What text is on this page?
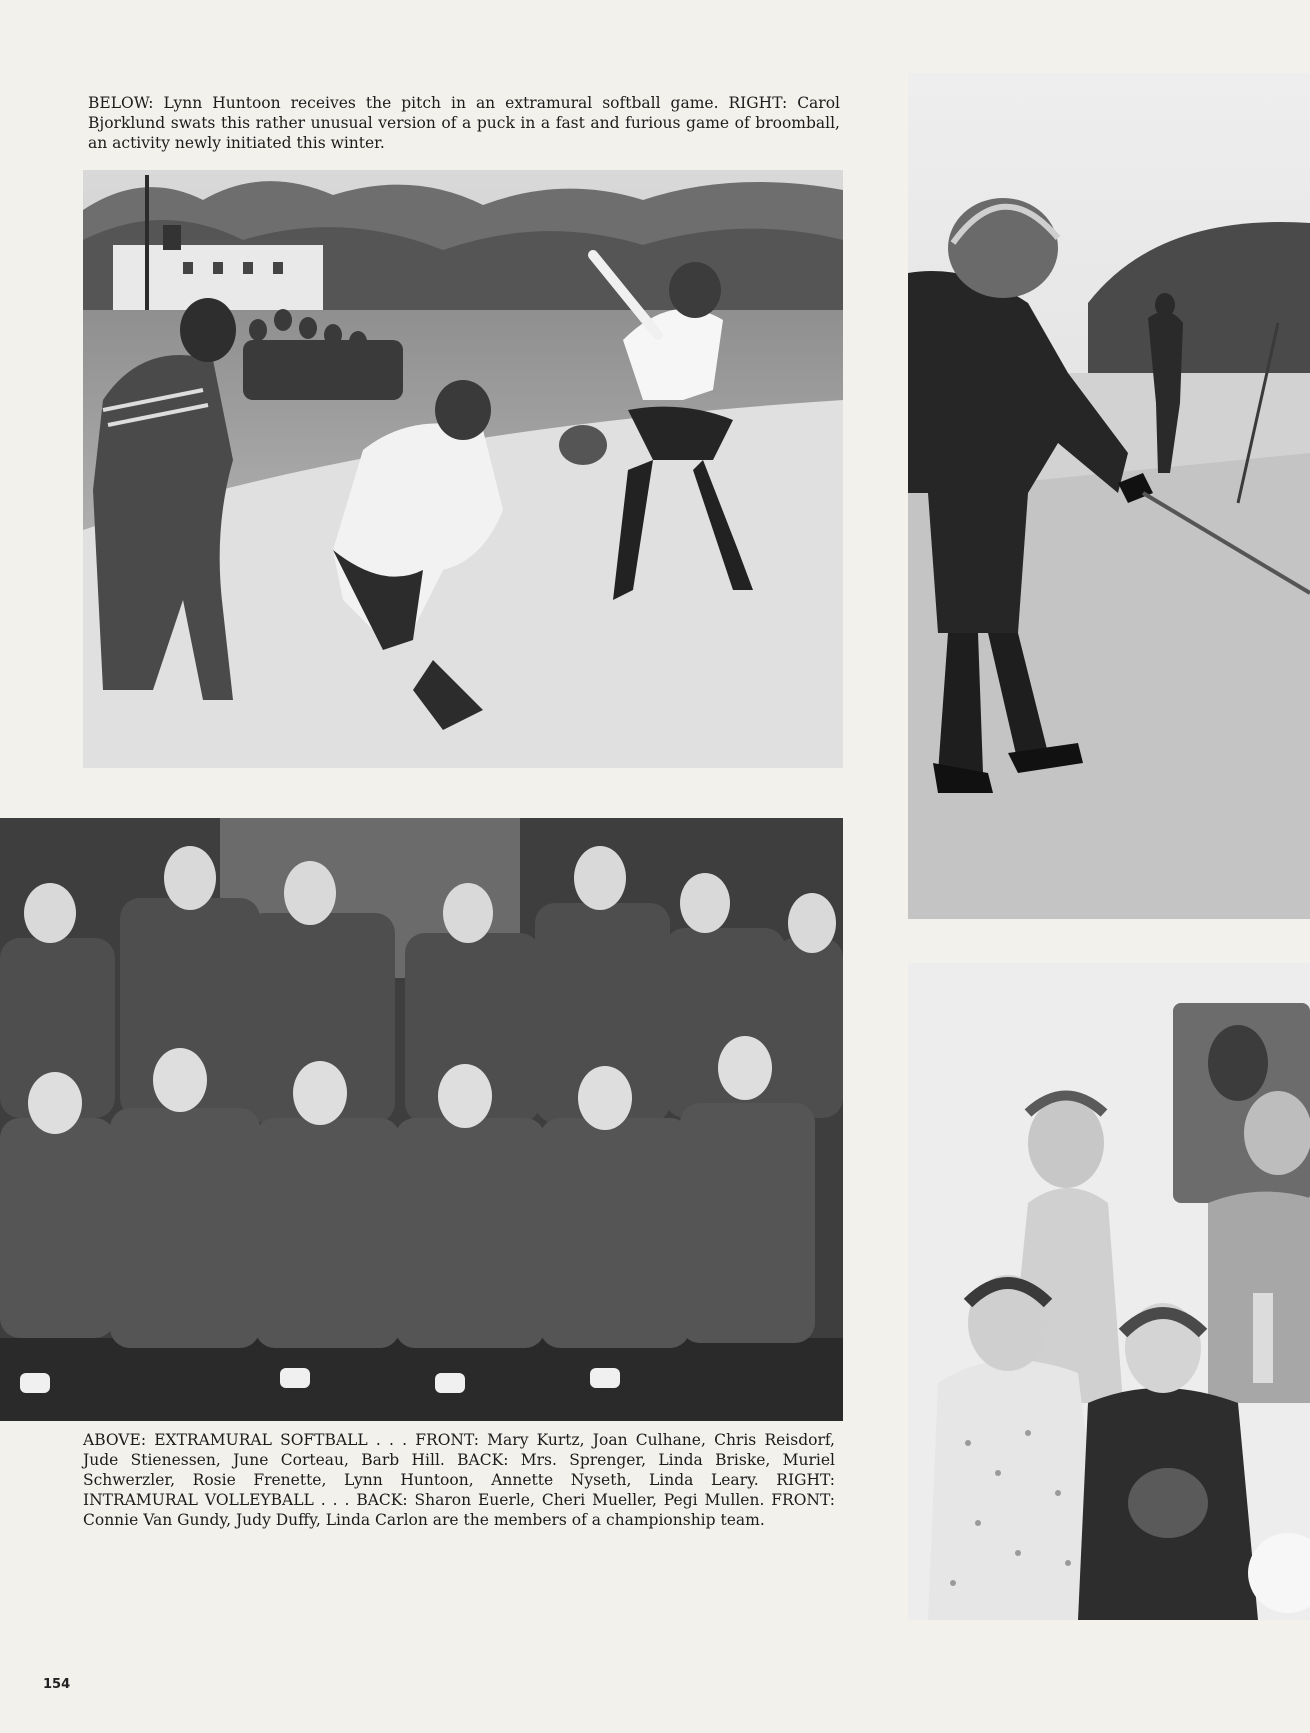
BELOW: Lynn Huntoon receives the pitch in an extramural softball game. RIGHT: Carol Bjorklund swats this rather unusual version of a puck in a fast and furious game of broomball, an activity newly initiated this winter.

ABOVE: EXTRAMURAL SOFTBALL . . . FRONT: Mary Kurtz, Joan Culhane, Chris Reisdorf, Jude Stienessen, June Corteau, Barb Hill. BACK: Mrs. Sprenger, Linda Briske, Muriel Schwerzler, Rosie Frenette, Lynn Huntoon, Annette Nyseth, Linda Leary. RIGHT: INTRAMURAL VOLLEYBALL . . . BACK: Sharon Euerle, Cheri Mueller, Pegi Mullen. FRONT: Connie Van Gundy, Judy Duffy, Linda Carlon are the members of a championship team.

154
